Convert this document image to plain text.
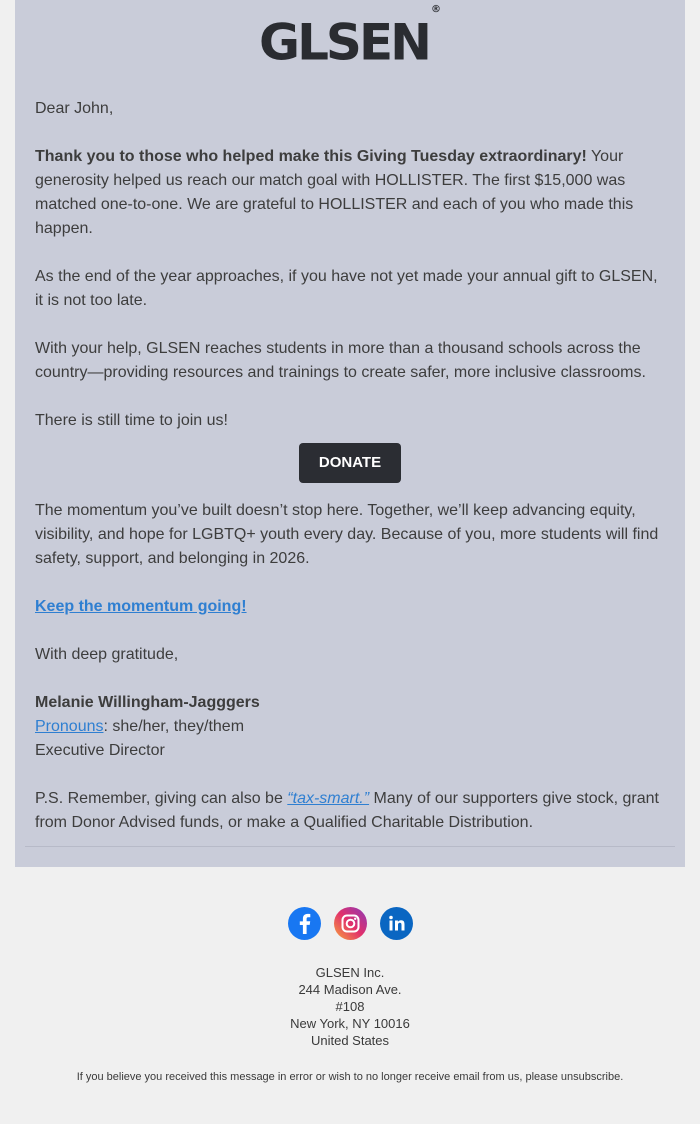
GLSEN®

Dear John,

Thank you to those who helped make this Giving Tuesday extraordinary! Your generosity helped us reach our match goal with HOLLISTER. The first $15,000 was matched one-to-one. We are grateful to HOLLISTER and each of you who made this happen.

As the end of the year approaches, if you have not yet made your annual gift to GLSEN, it is not too late.

With your help, GLSEN reaches students in more than a thousand schools across the country—providing resources and trainings to create safer, more inclusive classrooms.

There is still time to join us!

DONATE

The momentum you’ve built doesn’t stop here. Together, we’ll keep advancing equity, visibility, and hope for LGBTQ+ youth every day. Because of you, more students will find safety, support, and belonging in 2026.

Keep the momentum going!

With deep gratitude,

Melanie Willingham-Jagggers
Pronouns: she/her, they/them
Executive Director

P.S. Remember, giving can also be “tax-smart.” Many of our supporters give stock, grant from Donor Advised funds, or make a Qualified Charitable Distribution.

GLSEN Inc.
244 Madison Ave.
#108
New York, NY 10016
United States
If you believe you received this message in error or wish to no longer receive email from us, please unsubscribe.
